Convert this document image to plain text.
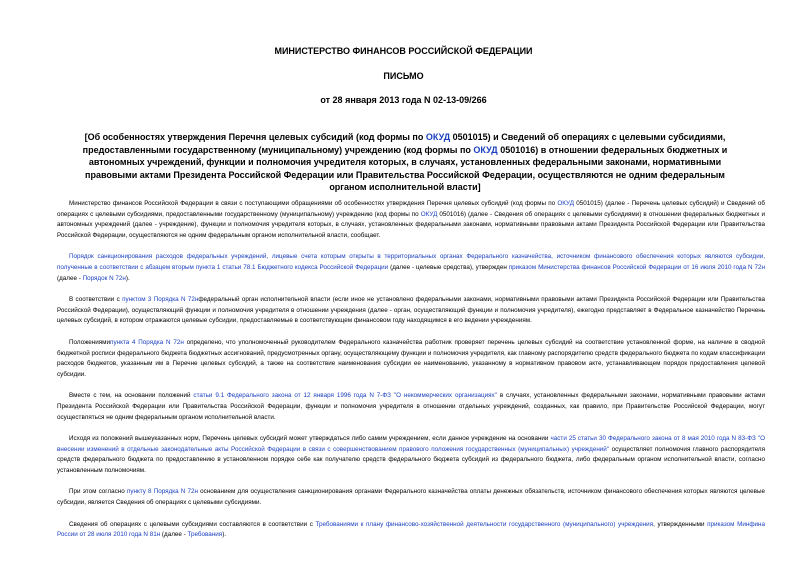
МИНИСТЕРСТВО ФИНАНСОВ РОССИЙСКОЙ ФЕДЕРАЦИИ
ПИСЬМО
от 28 января 2013 года N 02-13-09/266
[Об особенностях утверждения Перечня целевых субсидий (код формы по ОКУД 0501015) и Сведений об операциях с целевыми субсидиями, предоставленными государственному (муниципальному) учреждению (код формы по ОКУД 0501016) в отношении федеральных бюджетных и автономных учреждений, функции и полномочия учредителя которых, в случаях, установленных федеральными законами, нормативными правовыми актами Президента Российской Федерации или Правительства Российской Федерации, осуществляются не одним федеральным органом исполнительной власти]

Министерство финансов Российской Федерации в связи с поступающими обращениями об особенностях утверждения Перечня целевых субсидий (код формы по ОКУД 0501015) (далее - Перечень целевых субсидий) и Сведений об операциях с целевыми субсидиями, предоставленными государственному (муниципальному) учреждению (код формы по ОКУД 0501016) (далее - Сведения об операциях с целевыми субсидиями) в отношении федеральных бюджетных и автономных учреждений (далее - учреждение), функции и полномочия учредителя которых, в случаях, установленных федеральными законами, нормативными правовыми актами Президента Российской Федерации или Правительства Российской Федерации, осуществляются не одним федеральным органом исполнительной власти, сообщает.

Порядок санкционирования расходов федеральных учреждений, лицевые счета которым открыты в территориальных органах Федерального казначейства, источником финансового обеспечения которых являются субсидии, полученные в соответствии с абзацем вторым пункта 1 статьи 78.1 Бюджетного кодекса Российской Федерации (далее - целевые средства), утвержден приказом Министерства финансов Российской Федерации от 16 июля 2010 года N 72н (далее - Порядок N 72н).

В соответствии с пунктом 3 Порядка N 72нфедеральный орган исполнительной власти (если иное не установлено федеральными законами, нормативными правовыми актами Президента Российской Федерации или Правительства Российской Федерации), осуществляющий функции и полномочия учредителя в отношении учреждения (далее - орган, осуществляющий функции и полномочия учредителя), ежегодно представляет в Федеральное казначейство Перечень целевых субсидий, в котором отражаются целевые субсидии, предоставляемые в соответствующем финансовом году находящимся в его ведении учреждениям.

Положениямипункта 4 Порядка N 72н определено, что уполномоченный руководителем Федерального казначейства работник проверяет перечень целевых субсидий на соответствие установленной форме, на наличие в сводной бюджетной росписи федерального бюджета бюджетных ассигнований, предусмотренных органу, осуществляющему функции и полномочия учредителя, как главному распорядителю средств федерального бюджета по кодам классификации расходов бюджетов, указанным им в Перечне целевых субсидий, а также на соответствие наименования субсидии ее наименованию, указанному в нормативном правовом акте, устанавливающем порядок предоставления целевой субсидии.

Вместе с тем, на основании положений статьи 9.1 Федерального закона от 12 января 1996 года N 7-ФЗ "О некоммерческих организациях" в случаях, установленных федеральными законами, нормативными правовыми актами Президента Российской Федерации или Правительства Российской Федерации, функции и полномочия учредителя в отношении отдельных учреждений, созданных, как правило, при Правительстве Российской Федерации, могут осуществляться не одним федеральным органом исполнительной власти.

Исходя из положений вышеуказанных норм, Перечень целевых субсидий может утверждаться либо самим учреждением, если данное учреждение на основании части 25 статьи 30 Федерального закона от 8 мая 2010 года N 83-ФЗ "О внесении изменений в отдельные законодательные акты Российской Федерации в связи с совершенствованием правового положения государственных (муниципальных) учреждений" осуществляет полномочия главного распорядителя средств федерального бюджета по предоставлению в установленном порядке себе как получателю средств федерального бюджета субсидий из федерального бюджета, либо федеральным органом исполнительной власти, согласно установленным полномочиям.

При этом согласно пункту 8 Порядка N 72н основанием для осуществления санкционирования органами Федерального казначейства оплаты денежных обязательств, источником финансового обеспечения которых являются целевые субсидии, является Сведения об операциях с целевыми субсидиями.

Сведения об операциях с целевыми субсидиями составляются в соответствии с Требованиями к плану финансово-хозяйственной деятельности государственного (муниципального) учреждения, утвержденными приказом Минфина России от 28 июля 2010 года N 81н (далее - Требования).
